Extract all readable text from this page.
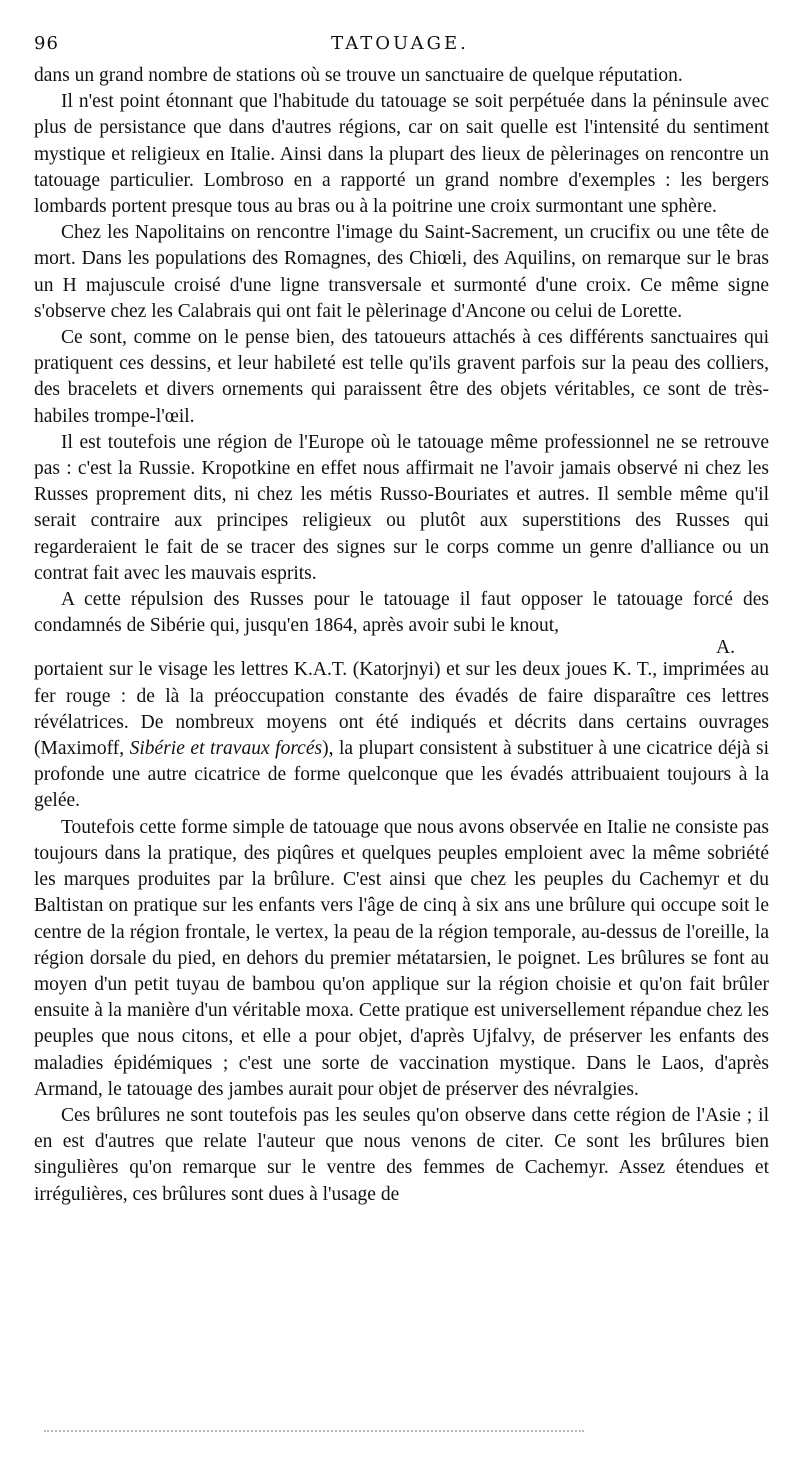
96	TATOUAGE.

dans un grand nombre de stations où se trouve un sanctuaire de quelque réputation.

Il n'est point étonnant que l'habitude du tatouage se soit perpétuée dans la péninsule avec plus de persistance que dans d'autres régions, car on sait quelle est l'intensité du sentiment mystique et religieux en Italie. Ainsi dans la plupart des lieux de pèlerinages on rencontre un tatouage particulier. Lombroso en a rapporté un grand nombre d'exemples : les bergers lombards portent presque tous au bras ou à la poitrine une croix surmontant une sphère.

Chez les Napolitains on rencontre l'image du Saint-Sacrement, un crucifix ou une tête de mort. Dans les populations des Romagnes, des Chiœli, des Aquilins, on remarque sur le bras un H majuscule croisé d'une ligne transversale et surmonté d'une croix. Ce même signe s'observe chez les Calabrais qui ont fait le pèlerinage d'Ancone ou celui de Lorette.

Ce sont, comme on le pense bien, des tatoueurs attachés à ces différents sanctuaires qui pratiquent ces dessins, et leur habileté est telle qu'ils gravent parfois sur la peau des colliers, des bracelets et divers ornements qui paraissent être des objets véritables, ce sont de très-habiles trompe-l'œil.

Il est toutefois une région de l'Europe où le tatouage même professionnel ne se retrouve pas : c'est la Russie. Kropotkine en effet nous affirmait ne l'avoir jamais observé ni chez les Russes proprement dits, ni chez les métis Russo-Bouriates et autres. Il semble même qu'il serait contraire aux principes religieux ou plutôt aux superstitions des Russes qui regarderaient le fait de se tracer des signes sur le corps comme un genre d'alliance ou un contrat fait avec les mauvais esprits.

A cette répulsion des Russes pour le tatouage il faut opposer le tatouage forcé des condamnés de Sibérie qui, jusqu'en 1864, après avoir subi le knout,

A.

portaient sur le visage les lettres K.A.T. (Katorjnyi) et sur les deux joues K. T., imprimées au fer rouge : de là la préoccupation constante des évadés de faire disparaître ces lettres révélatrices. De nombreux moyens ont été indiqués et décrits dans certains ouvrages (Maximoff, Sibérie et travaux forcés), la plupart consistent à substituer à une cicatrice déjà si profonde une autre cicatrice de forme quelconque que les évadés attribuaient toujours à la gelée.

Toutefois cette forme simple de tatouage que nous avons observée en Italie ne consiste pas toujours dans la pratique, des piqûres et quelques peuples emploient avec la même sobriété les marques produites par la brûlure. C'est ainsi que chez les peuples du Cachemyr et du Baltistan on pratique sur les enfants vers l'âge de cinq à six ans une brûlure qui occupe soit le centre de la région frontale, le vertex, la peau de la région temporale, au-dessus de l'oreille, la région dorsale du pied, en dehors du premier métatarsien, le poignet. Les brûlures se font au moyen d'un petit tuyau de bambou qu'on applique sur la région choisie et qu'on fait brûler ensuite à la manière d'un véritable moxa. Cette pratique est universellement répandue chez les peuples que nous citons, et elle a pour objet, d'après Ujfalvy, de préserver les enfants des maladies épidémiques ; c'est une sorte de vaccination mystique. Dans le Laos, d'après Armand, le tatouage des jambes aurait pour objet de préserver des névralgies.

Ces brûlures ne sont toutefois pas les seules qu'on observe dans cette région de l'Asie ; il en est d'autres que relate l'auteur que nous venons de citer. Ce sont les brûlures bien singulières qu'on remarque sur le ventre des femmes de Cachemyr. Assez étendues et irrégulières, ces brûlures sont dues à l'usage de
